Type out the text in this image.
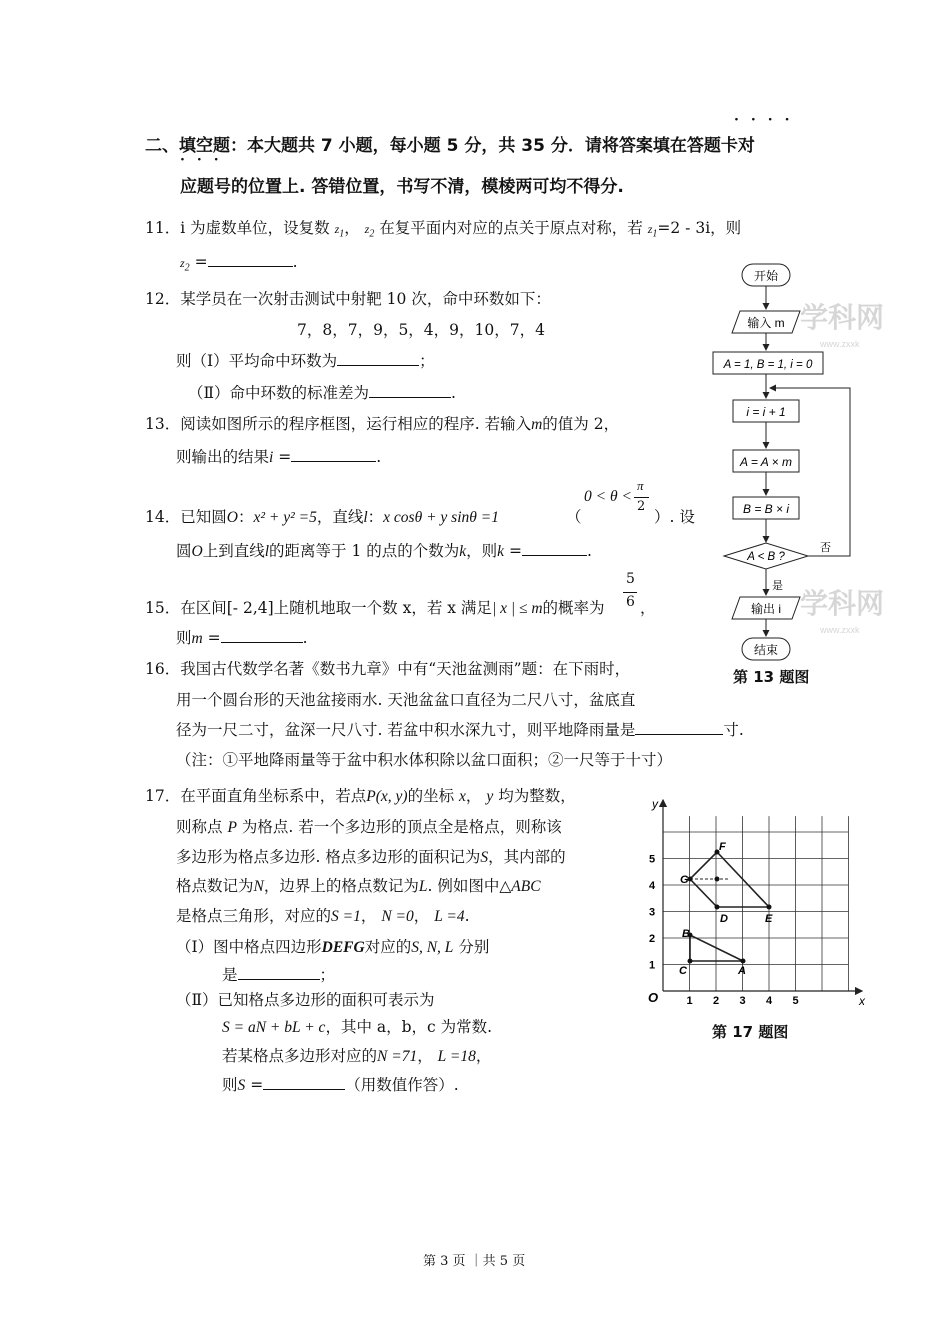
····
二、填空题：本大题共 7 小题，每小题 5 分，共 35 分．请将答案填在答题卡对
···
应题号的位置上. 答错位置，书写不清，模棱两可均不得分.
11．i 为虚数单位，设复数 $z_1$， $z_2$ 在复平面内对应的点关于原点对称，若 $z_1=2 - 3i$，则
$z_2$ =	.
12．某学员在一次射击测试中射靶 10 次，命中环数如下：
7，8，7，9，5，4，9，10，7，4
则（Ⅰ）平均命中环数为	；
（Ⅱ）命中环数的标准差为	.
13．阅读如图所示的程序框图，运行相应的程序. 若输入m的值为 2，
则输出的结果i =	.
14．已知圆O：x² + y² =5，直线l：x cosθ + y sinθ =1	（
0 < θ <
π
2
）. 设
圆O上到直线l的距离等于 1 的点的个数为k，则k =	.
15．在区间[- 2,4]上随机地取一个数 x，若 x 满足| x | ≤ m的概率为
5
6 ，
则m =	.
16．我国古代数学名著《数书九章》中有“天池盆测雨”题：在下雨时，
用一个圆台形的天池盆接雨水. 天池盆盆口直径为二尺八寸，盆底直
径为一尺二寸，盆深一尺八寸. 若盆中积水深九寸，则平地降雨量是	寸.
（注：①平地降雨量等于盆中积水体积除以盆口面积；②一尺等于十寸）
17．在平面直角坐标系中，若点P(x, y)的坐标 x， y 均为整数，
则称点 P 为格点. 若一个多边形的顶点全是格点，则称该
多边形为格点多边形. 格点多边形的面积记为S，其内部的
格点数记为N，边界上的格点数记为L. 例如图中△ABC
是格点三角形，对应的S =1， N =0， L =4.
（Ⅰ）图中格点四边形DEFG对应的S, N, L 分别
是	；
（Ⅱ）已知格点多边形的面积可表示为
S = aN + bL + c，其中 a，b，c 为常数.
若某格点多边形对应的N =71， L =18，
则S =	（用数值作答）.
学科网
www.zxxk
学科网
www.zxxk
开始
输入 m
A = 1, B = 1, i = 0
i = i + 1
A = A × m
B = B × i
A < B ?
否
是
输出 i
结束
第 13 题图
x
y
O	1 2 3 4 5
1
2
3
4
5
D	E
F
G
A
B
C
第 17 题图
第 3 页 ｜共 5 页
